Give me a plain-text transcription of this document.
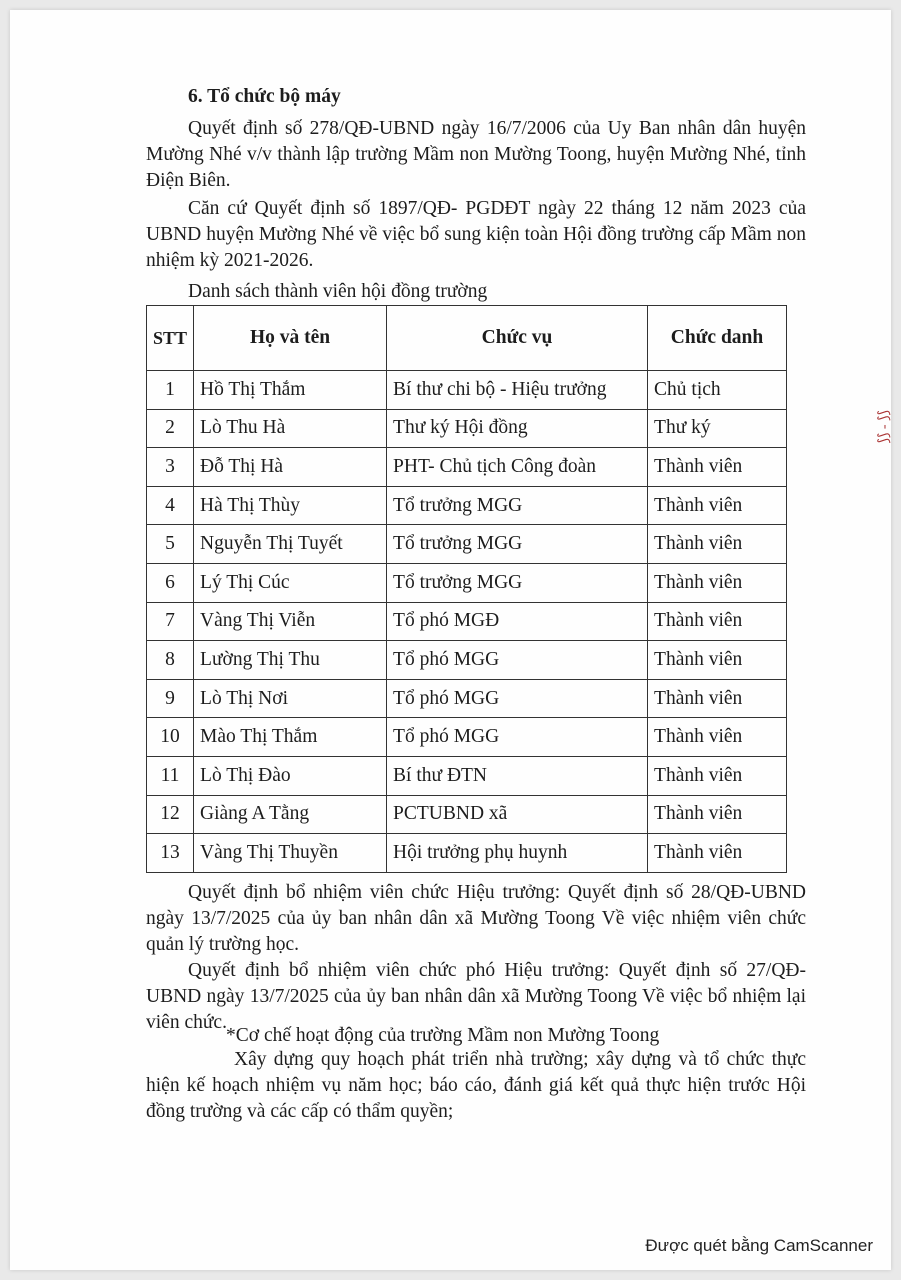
6. Tổ chức bộ máy
Quyết định số 278/QĐ-UBND ngày 16/7/2006 của Uy Ban nhân dân huyện Mường Nhé v/v thành lập trường Mầm non Mường Toong, huyện Mường Nhé, tỉnh Điện Biên.
Căn cứ Quyết định số 1897/QĐ- PGDĐT ngày 22 tháng 12 năm 2023 của UBND huyện Mường Nhé về việc bổ sung kiện toàn Hội đồng trường cấp Mầm non nhiệm kỳ 2021-2026.
Danh sách thành viên hội đồng trường
STT	Họ và tên	Chức vụ	Chức danh
1	Hồ Thị Thắm	Bí thư chi bộ - Hiệu trưởng	Chủ tịch
2	Lò Thu Hà	Thư ký Hội đồng	Thư ký
3	Đỗ Thị Hà	PHT- Chủ tịch Công đoàn	Thành viên
4	Hà Thị Thùy	Tổ trưởng MGG	Thành viên
5	Nguyễn Thị Tuyết	Tổ trưởng MGG	Thành viên
6	Lý Thị Cúc	Tổ trưởng MGG	Thành viên
7	Vàng Thị Viễn	Tổ phó MGĐ	Thành viên
8	Lường Thị Thu	Tổ phó MGG	Thành viên
9	Lò Thị Nơi	Tổ phó MGG	Thành viên
10	Mào Thị Thắm	Tổ phó MGG	Thành viên
11	Lò Thị Đào	Bí thư ĐTN	Thành viên
12	Giàng A Tằng	PCTUBND xã	Thành viên
13	Vàng Thị Thuyền	Hội trưởng phụ huynh	Thành viên
Quyết định bổ nhiệm viên chức Hiệu trưởng: Quyết định số 28/QĐ-UBND ngày 13/7/2025 của ủy ban nhân dân xã Mường Toong Về việc nhiệm viên chức quản lý trường học.
Quyết định bổ nhiệm viên chức phó Hiệu trưởng: Quyết định số 27/QĐ-UBND ngày 13/7/2025 của ủy ban nhân dân xã Mường Toong Về việc bổ nhiệm lại viên chức.
*Cơ chế hoạt động của trường Mầm non Mường Toong
Xây dựng quy hoạch phát triển nhà trường; xây dựng và tổ chức thực hiện kế hoạch nhiệm vụ năm học; báo cáo, đánh giá kết quả thực hiện trước Hội đồng trường và các cấp có thẩm quyền;
⟆⟆ - ⟆⟆
Được quét bằng CamScanner
